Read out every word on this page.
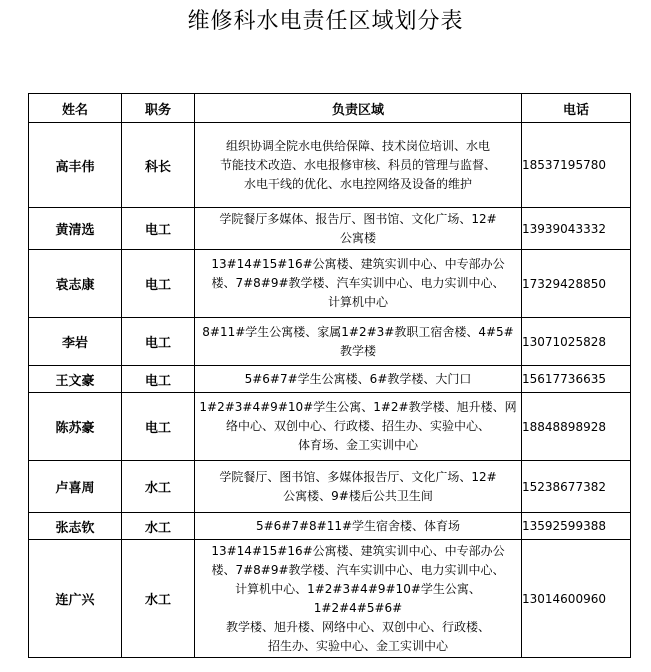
维修科水电责任区域划分表
姓名	职务	负责区域	电话
高丰伟	科长	组织协调全院水电供给保障、技术岗位培训、水电
节能技术改造、水电报修审核、科员的管理与监督、
水电干线的优化、水电控网络及设备的维护	18537195780
黄清选	电工	学院餐厅多媒体、报告厅、图书馆、文化广场、12#
公寓楼	13939043332
袁志康	电工	13#14#15#16#公寓楼、建筑实训中心、中专部办公
楼、7#8#9#教学楼、汽车实训中心、电力实训中心、
计算机中心	17329428850
李岩	电工	8#11#学生公寓楼、家属1#2#3#教职工宿舍楼、4#5#
教学楼	13071025828
王文豪	电工	5#6#7#学生公寓楼、6#教学楼、大门口	15617736635
陈苏豪	电工	1#2#3#4#9#10#学生公寓、1#2#教学楼、旭升楼、网
络中心、双创中心、行政楼、招生办、实验中心、
体育场、金工实训中心	18848898928
卢喜周	水工	学院餐厅、图书馆、多媒体报告厅、文化广场、12#
公寓楼、9#楼后公共卫生间	15238677382
张志钦	水工	5#6#7#8#11#学生宿舍楼、体育场	13592599388
连广兴	水工	13#14#15#16#公寓楼、建筑实训中心、中专部办公
楼、7#8#9#教学楼、汽车实训中心、电力实训中心、
计算机中心、1#2#3#4#9#10#学生公寓、1#2#4#5#6#
教学楼、旭升楼、网络中心、双创中心、行政楼、
招生办、实验中心、金工实训中心	13014600960
